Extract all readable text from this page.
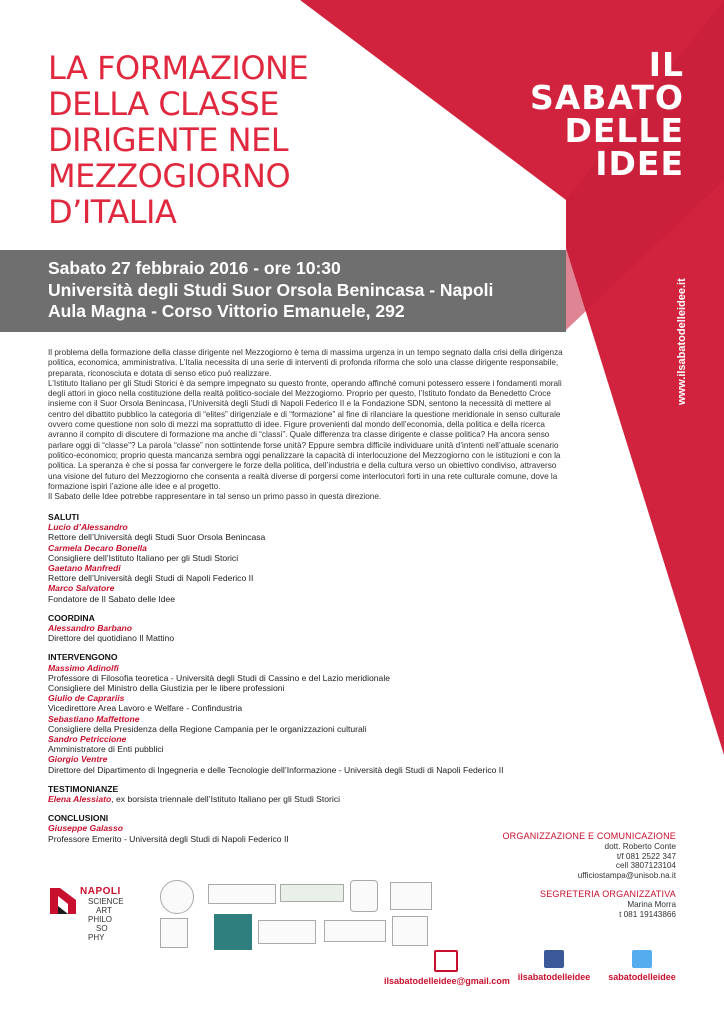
LA FORMAZIONE
DELLA CLASSE
DIRIGENTE NEL
MEZZOGIORNO
D’ITALIA
IL
SABATO
DELLE
IDEE
Sabato 27 febbraio 2016 - ore 10:30
Università degli Studi Suor Orsola Benincasa - Napoli
Aula Magna - Corso Vittorio Emanuele, 292	www.ilsabatodelleidee.it

Il problema della formazione della classe dirigente nel Mezzogiorno è tema di massima urgenza in un tempo segnato dalla crisi della dirigenza politica, economica, amministrativa. L’Italia necessita di una serie di interventi di profonda riforma che solo una classe dirigente responsabile, preparata, riconosciuta e dotata di senso etico può realizzare.

L’Istituto Italiano per gli Studi Storici è da sempre impegnato su questo fronte, operando affinché comuni potessero essere i fondamenti morali degli attori in gioco nella costituzione della realtà politico-sociale del Mezzogiorno. Proprio per questo, l’Istituto fondato da Benedetto Croce insieme con il Suor Orsola Benincasa, l’Università degli Studi di Napoli Federico II e la Fondazione SDN, sentono la necessità di mettere al centro del dibattito pubblico la categoria di “elites” dirigenziale e di “formazione” al fine di rilanciare la questione meridionale in senso culturale ovvero come questione non solo di mezzi ma soprattutto di idee. Figure provenienti dal mondo dell’economia, della politica e della ricerca avranno il compito di discutere di formazione ma anche di “classi”. Quale differenza tra classe dirigente e classe politica? Ha ancora senso parlare oggi di “classe”? La parola “classe” non sottintende forse unità? Eppure sembra difficile individuare unità d’intenti nell’attuale scenario politico-economico; proprio questa mancanza sembra oggi penalizzare la capacità di interlocuzione del Mezzogiorno con le istituzioni e con la politica. La speranza è che si possa far convergere le forze della politica, dell’industria e della cultura verso un obiettivo condiviso, attraverso una visione del futuro del Mezzogiorno che consenta a realtà diverse di porgersi come interlocutori forti in una rete culturale comune, dove la formazione ispiri l’azione alle idee e al progetto.

Il Sabato delle Idee potrebbe rappresentare in tal senso un primo passo in questa direzione.

SALUTI
Lucio d’Alessandro
Rettore dell’Università degli Studi Suor Orsola Benincasa
Carmela Decaro Bonella
Consigliere dell’Istituto Italiano per gli Studi Storici
Gaetano Manfredi
Rettore dell’Università degli Studi di Napoli Federico II
Marco Salvatore
Fondatore de Il Sabato delle Idee
COORDINA
Alessandro Barbano
Direttore del quotidiano Il Mattino
INTERVENGONO
Massimo Adinolfi
Professore di Filosofia teoretica - Università degli Studi di Cassino e del Lazio meridionale
Consigliere del Ministro della Giustizia per le libere professioni
Giulio de Caprariis
Vicedirettore Area Lavoro e Welfare - Confindustria
Sebastiano Maffettone
Consigliere della Presidenza della Regione Campania per le organizzazioni culturali
Sandro Petriccione
Amministratore di Enti pubblici
Giorgio Ventre
Direttore del Dipartimento di Ingegneria e delle Tecnologie dell’Informazione - Università degli Studi di Napoli Federico II
TESTIMONIANZE
Elena Alessiato, ex borsista triennale dell’Istituto Italiano per gli Studi Storici
CONCLUSIONI
Giuseppe Galasso
Professore Emerito - Università degli Studi di Napoli Federico II	ORGANIZZAZIONE E COMUNICAZIONE
dott. Roberto Conte
t/f 081 2522 347
cell 3807123104
ufficiostampa@unisob.na.it
SEGRETERIA ORGANIZZATIVA
Marina Morra
t 081 19143866
NAPOLI
SCIENCE
ART
PHILO
SO
PHY
ilsabatodelleidee@gmail.com ilsabatodelleidee	sabatodelleidee
